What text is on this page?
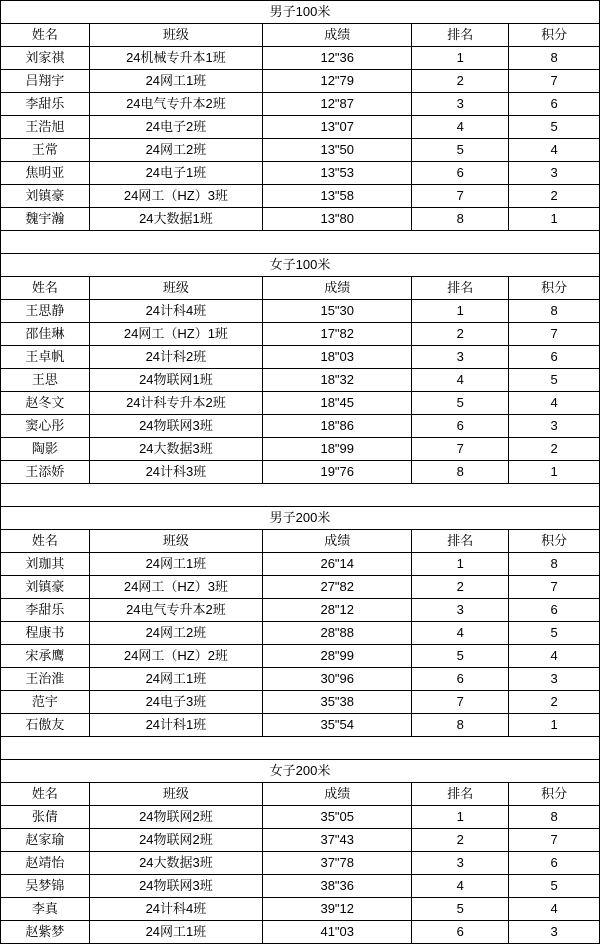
男子100米				
姓名	班级	成绩	排名	积分
刘家祺	24机械专升本1班	12"36	1	8
吕翔宇	24网工1班	12"79	2	7
李甜乐	24电气专升本2班	12"87	3	6
王浩旭	24电子2班	13"07	4	5
王常	24网工2班	13"50	5	4
焦明亚	24电子1班	13"53	6	3
刘镇豪	24网工（HZ）3班	13"58	7	2
魏宇瀚	24大数据1班	13"80	8	1

女子100米				
姓名	班级	成绩	排名	积分
王思静	24计科4班	15"30	1	8
邵佳琳	24网工（HZ）1班	17"82	2	7
王卓帆	24计科2班	18"03	3	6
王思	24物联网1班	18"32	4	5
赵冬文	24计科专升本2班	18"45	5	4
窦心彤	24物联网3班	18"86	6	3
陶影	24大数据3班	18"99	7	2
王添娇	24计科3班	19"76	8	1

男子200米				
姓名	班级	成绩	排名	积分
刘珈其	24网工1班	26"14	1	8
刘镇豪	24网工（HZ）3班	27"82	2	7
李甜乐	24电气专升本2班	28"12	3	6
程康书	24网工2班	28"88	4	5
宋承鹰	24网工（HZ）2班	28"99	5	4
王治淮	24网工1班	30"96	6	3
范宇	24电子3班	35"38	7	2
石傲友	24计科1班	35"54	8	1

女子200米				
姓名	班级	成绩	排名	积分
张倩	24物联网2班	35"05	1	8
赵家瑜	24物联网2班	37"43	2	7
赵靖怡	24大数据3班	37"78	3	6
吴梦锦	24物联网3班	38"36	4	5
李真	24计科4班	39"12	5	4
赵紫梦	24网工1班	41"03	6	3
